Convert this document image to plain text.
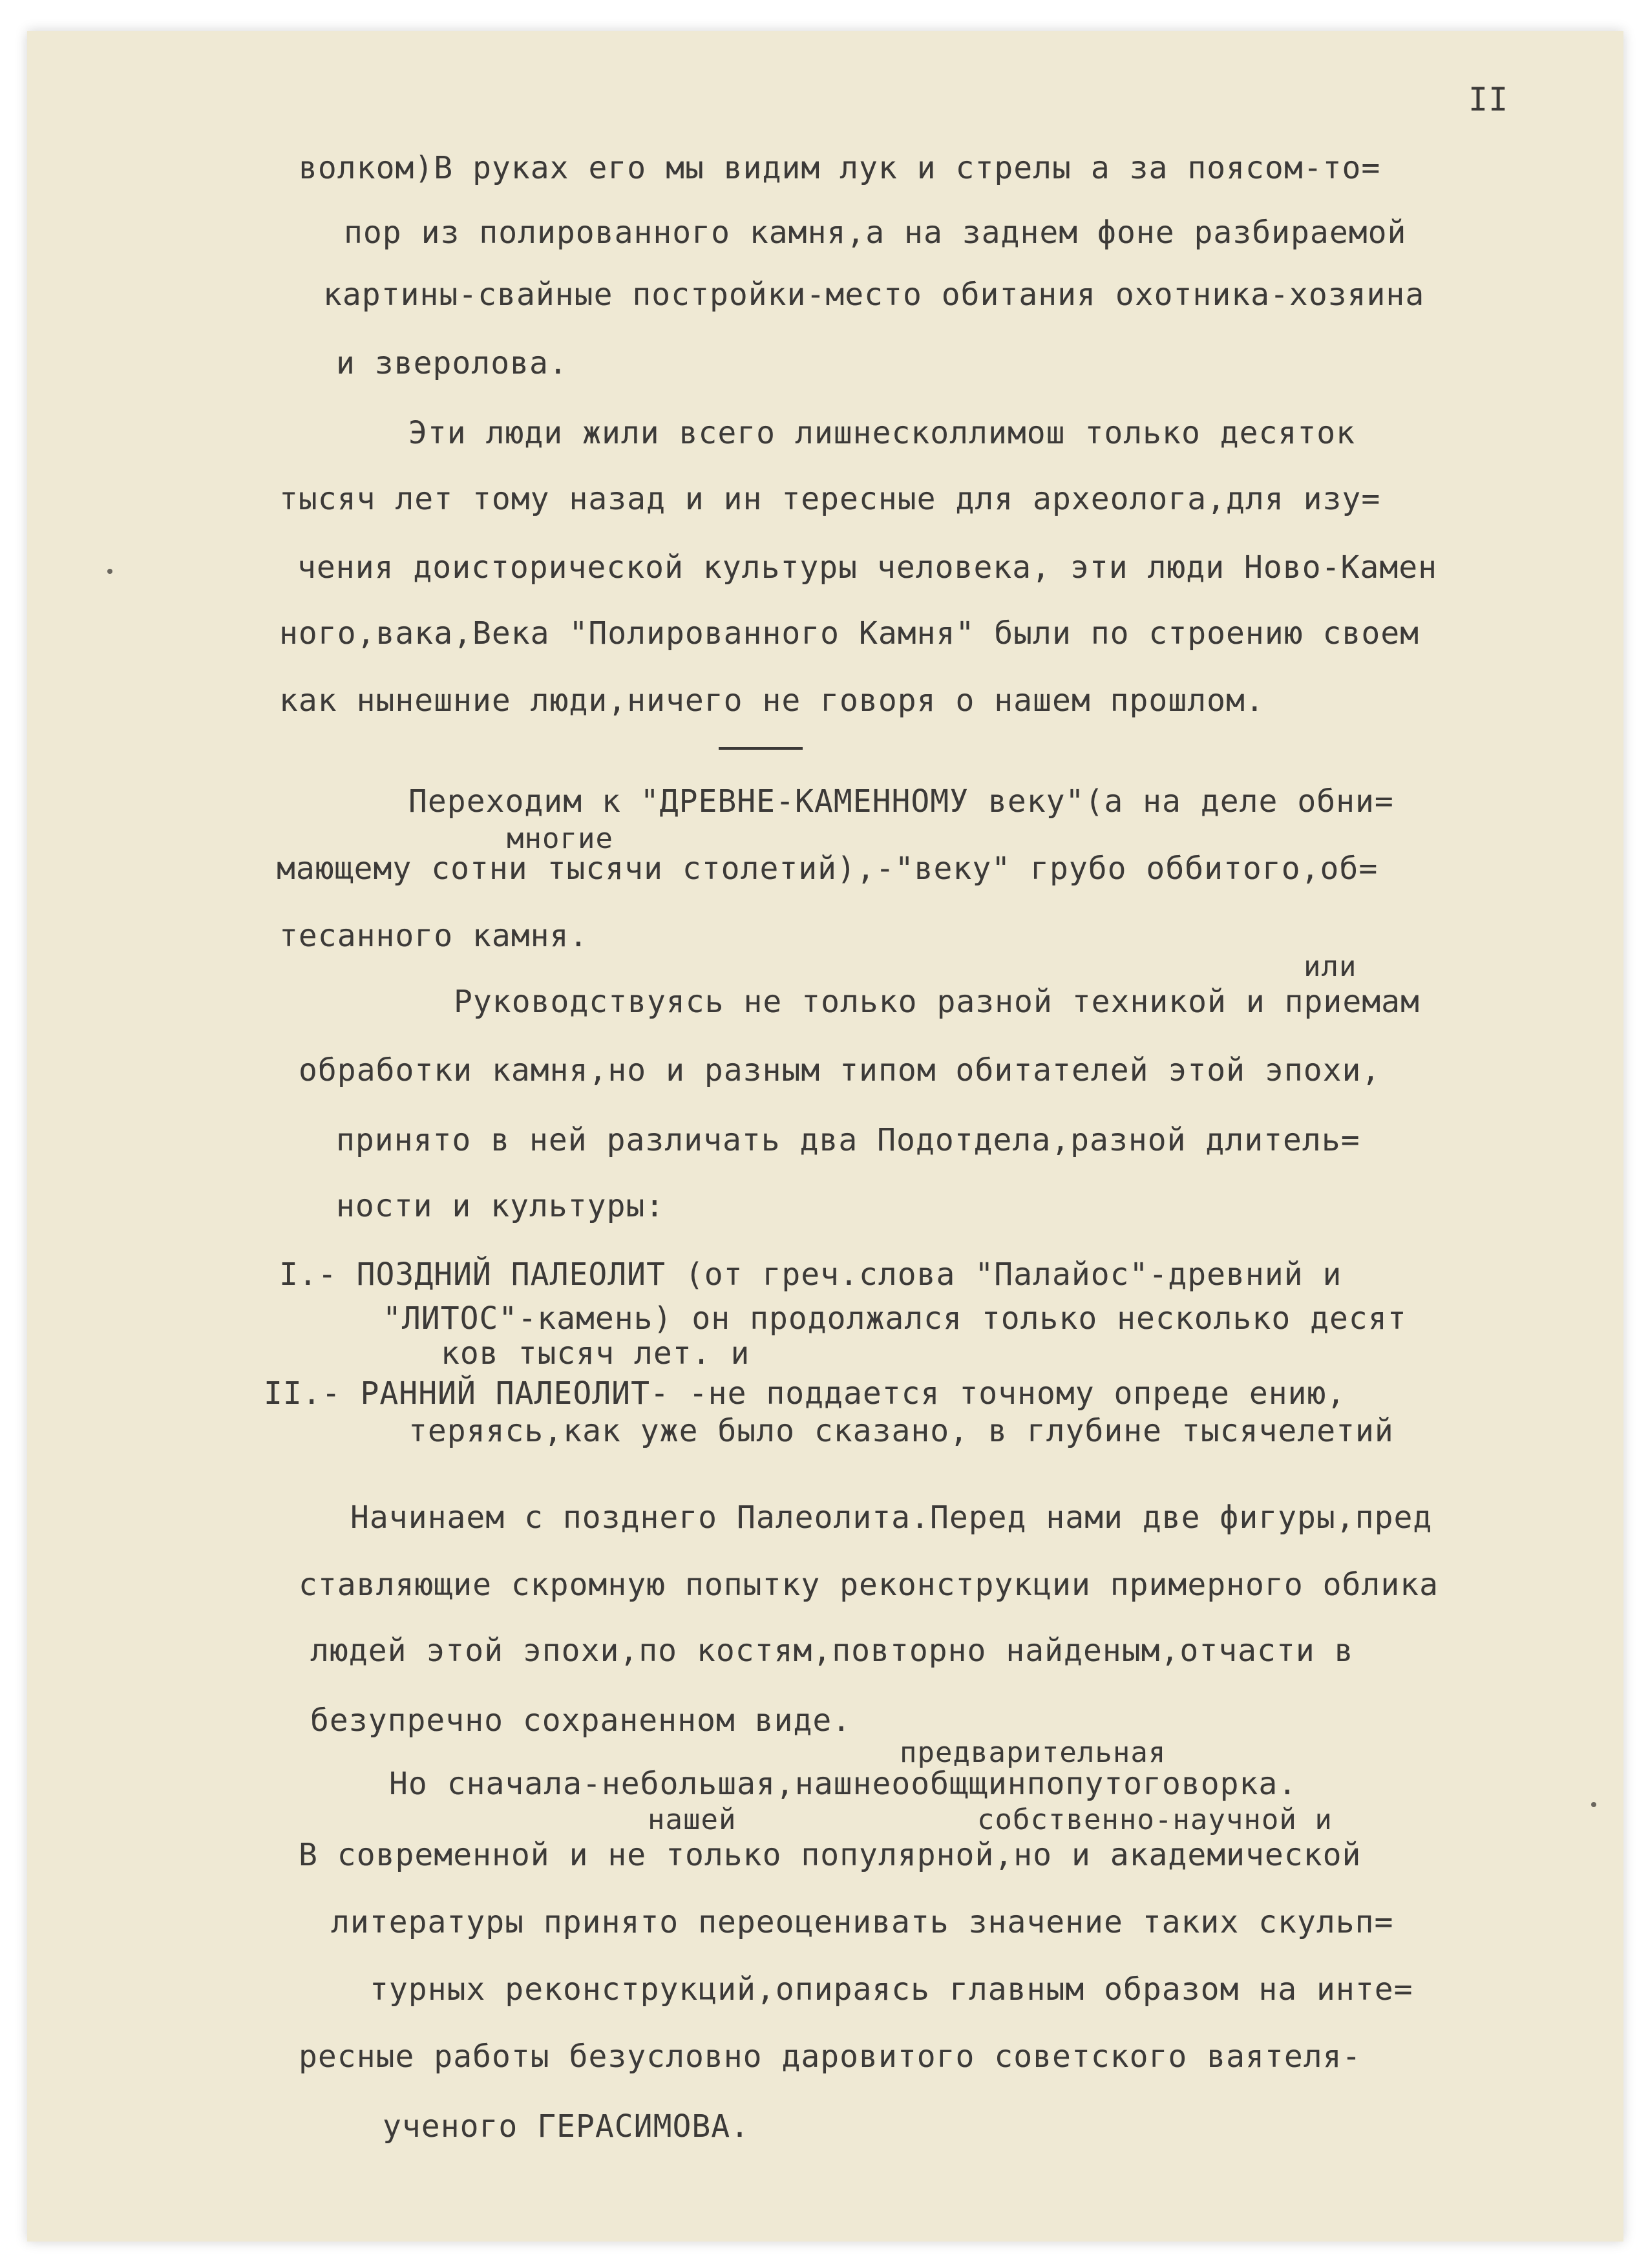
II
волком)В руках его мы видим лук и стрелы а за поясом-то=
пор из полированного камня,а на заднем фоне разбираемой
картины-свайные постройки-место обитания охотника-хозяина
и зверолова.
Эти люди жили всего лишнесколлимош только десяток
тысяч лет тому назад и ин тересные для археолога,для изу=
чения доисторической культуры человека, эти люди Ново-Камен
ного,вака,Века "Полированного Камня" были по строению своем
как нынешние люди,ничего не говоря о нашем прошлом.
Переходим к "ДРЕВНЕ-КАМЕННОМУ веку"(а на деле обни=
многие
мающему сотни тысячи столетий),-"веку" грубо оббитого,об=
тесанного камня.
или
Руководствуясь не только разной техникой и приемам
обработки камня,но и разным типом обитателей этой эпохи,
принято в ней различать два Подотдела,разной длитель=
ности и культуры:
I.- ПОЗДНИЙ ПАЛЕОЛИТ (от греч.слова "Палайос"-древний и
"ЛИТОС"-камень) он продолжался только несколько десят
ков тысяч лет. и
II.- РАННИЙ ПАЛЕОЛИТ- -не поддается точному опреде ению,
теряясь,как уже было сказано, в глубине тысячелетий
Начинаем с позднего Палеолита.Перед нами две фигуры,пред
ставляющие скромную попытку реконструкции примерного облика
людей этой эпохи,по костям,повторно найденым,отчасти в
безупречно сохраненном виде.
предварительная
Но сначала-небольшая,нашнеообщщинпопутоговорка.
нашей	собственно-научной и
В современной и не только популярной,но и академической
литературы принято переоценивать значение таких скульп=
турных реконструкций,опираясь главным образом на инте=
ресные работы безусловно даровитого советского ваятеля-
ученого ГЕРАСИМОВА.
